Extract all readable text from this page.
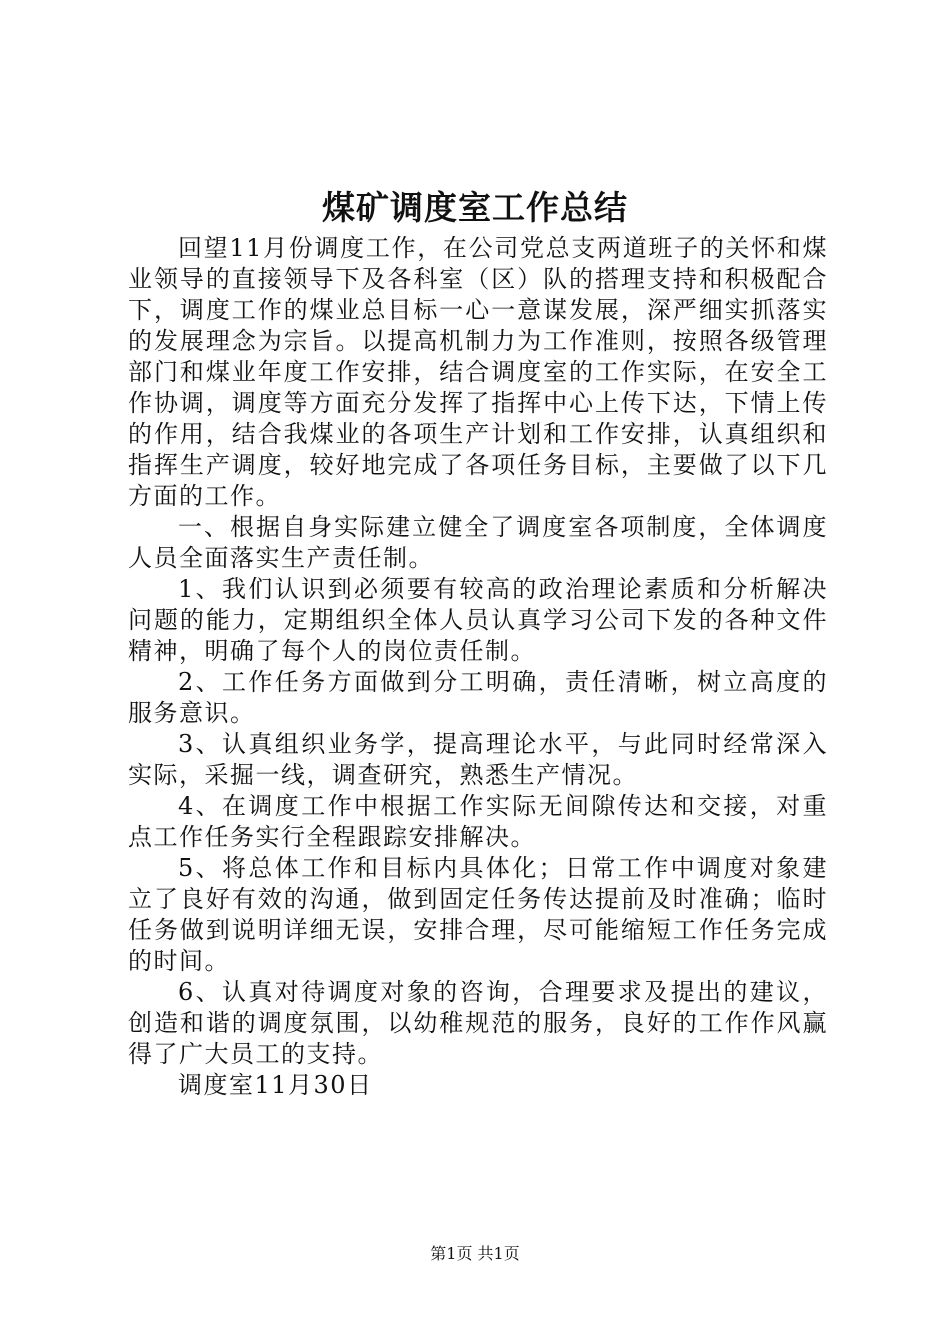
煤矿调度室工作总结

回望11月份调度工作，在公司党总支两道班子的关怀和煤业领导的直接领导下及各科室（区）队的搭理支持和积极配合下，调度工作的煤业总目标一心一意谋发展，深严细实抓落实的发展理念为宗旨。以提高机制力为工作准则，按照各级管理部门和煤业年度工作安排，结合调度室的工作实际，在安全工作协调，调度等方面充分发挥了指挥中心上传下达，下情上传的作用，结合我煤业的各项生产计划和工作安排，认真组织和指挥生产调度，较好地完成了各项任务目标，主要做了以下几方面的工作。

一、根据自身实际建立健全了调度室各项制度，全体调度人员全面落实生产责任制。

1、我们认识到必须要有较高的政治理论素质和分析解决问题的能力，定期组织全体人员认真学习公司下发的各种文件精神，明确了每个人的岗位责任制。

2、工作任务方面做到分工明确，责任清晰，树立高度的服务意识。

3、认真组织业务学，提高理论水平，与此同时经常深入实际，采掘一线，调查研究，熟悉生产情况。

4、在调度工作中根据工作实际无间隙传达和交接，对重点工作任务实行全程跟踪安排解决。

5、将总体工作和目标内具体化；日常工作中调度对象建立了良好有效的沟通，做到固定任务传达提前及时准确；临时任务做到说明详细无误，安排合理，尽可能缩短工作任务完成的时间。

6、认真对待调度对象的咨询，合理要求及提出的建议，创造和谐的调度氛围，以幼稚规范的服务，良好的工作作风赢得了广大员工的支持。

调度室11月30日

第1页 共1页
